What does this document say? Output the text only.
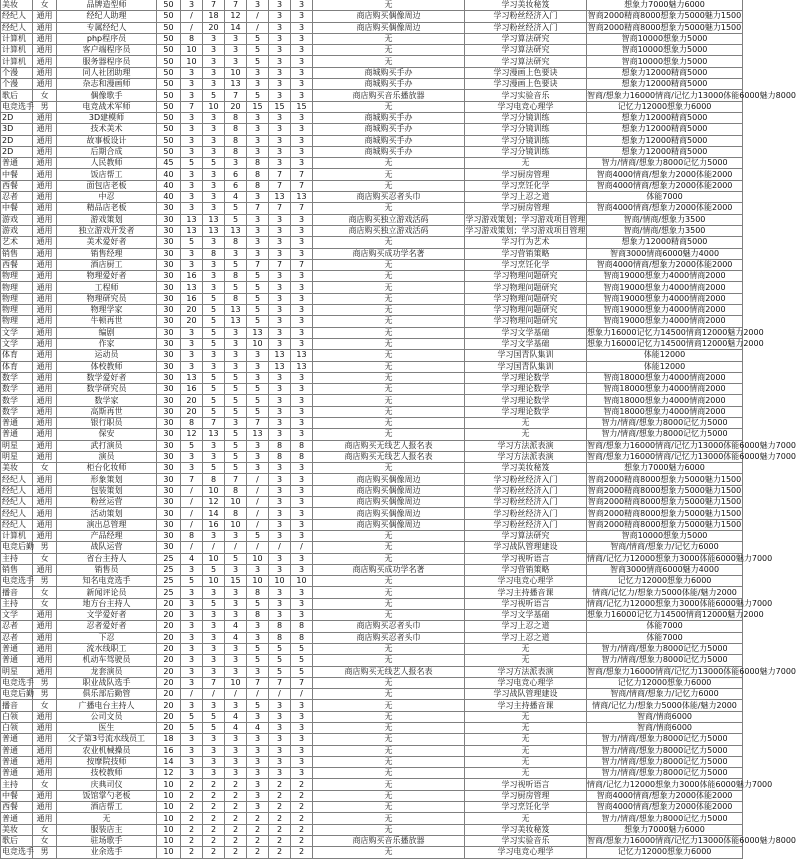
美妆	女	品牌造型师	50	3	7	7	3	3	3	无	学习美妆秘笈	想象力7000魅力6000
经纪人	通用	经纪人助理	50	/	18	12	/	3	3	商店购买偶像周边	学习粉丝经济入门	智商2000精商8000想象力5000魅力1500
经纪人	通用	专属经纪人	50	/	20	14	/	3	3	商店购买偶像周边	学习粉丝经济入门	智商2000精商8000想象力5000魅力1500
计算机	通用	php程序员	50	8	3	3	5	3	3	无	学习算法研究	智商10000想象力5000
计算机	通用	客户端程序员	50	10	3	3	5	3	3	无	学习算法研究	智商10000想象力5000
计算机	通用	服务器程序员	50	10	3	3	5	3	3	无	学习算法研究	智商10000想象力5000
个漫	通用	同人社团助理	50	3	3	10	3	3	3	商城购买手办	学习漫画上色要诀	想象力12000精商5000
个漫	通用	杂志和漫画师	50	3	3	13	3	3	3	商城购买手办	学习漫画上色要诀	想象力12000精商5000
歌后	女	偶像歌手	50	3	5	7	5	3	3	商店购买音乐播放器	学习实验音乐	智商/想象力16000情商/记忆力13000体能6000魅力8000
电竞选手	男	电竞战术军师	50	7	10	20	15	15	15	无	学习电竞心理学	记忆力12000想象力6000
2D	通用	3D建模师	50	3	3	8	3	3	3	商城购买手办	学习分镜训练	想象力12000精商5000
3D	通用	技术美术	50	3	3	8	3	3	3	商城购买手办	学习分镜训练	想象力12000精商5000
2D	通用	故事板设计	50	3	3	8	3	3	3	商城购买手办	学习分镜训练	想象力12000精商5000
2D	通用	后期合成	50	3	3	8	3	3	3	商城购买手办	学习分镜训练	想象力12000精商5000
普通	通用	人民教师	45	5	5	3	8	3	3	无	无	智力/情商/想象力8000记忆力5000
中餐	通用	饭店帮工	40	3	3	6	8	7	7	无	学习厨房管理	智商4000情商/想象力2000体能2000
西餐	通用	面包店老板	40	3	3	6	8	7	7	无	学习烹饪化学	智商4000情商/想象力2000体能2000
忍者	通用	中忍	40	3	3	4	3	13	13	商店购买忍者头巾	学习上忍之道	体能7000
中餐	通用	精品店老板	30	3	3	5	7	7	7	无	学习厨房管理	智商4000情商/想象力2000体能2000
游戏	通用	游戏策划	30	13	13	5	3	3	3	商店购买独立游戏活码	学习游戏策划；学习游戏项目管理	智商/情商/想象力3500
游戏	通用	独立游戏开发者	30	13	13	13	3	3	3	商店购买独立游戏活码	学习游戏策划；学习游戏项目管理	智商/情商/想象力3500
艺术	通用	美术爱好者	30	5	3	8	3	3	3	无	学习行为艺术	想象力12000精商5000
销售	通用	销售经理	30	3	8	3	3	3	3	商店购买成功学名著	学习营销策略	智商3000情商6000魅力4000
西餐	通用	酒店厨工	30	3	3	5	7	7	7	无	学习烹饪化学	智商4000情商/想象力2000体能2000
物理	通用	物理爱好者	30	16	3	8	5	3	3	无	学习物理问题研究	智商19000想象力4000情商2000
物理	通用	工程师	30	13	3	5	5	3	3	无	学习物理问题研究	智商19000想象力4000情商2000
物理	通用	物理研究员	30	16	5	8	5	3	3	无	学习物理问题研究	智商19000想象力4000情商2000
物理	通用	物理学家	30	20	5	13	5	3	3	无	学习物理问题研究	智商19000想象力4000情商2000
物理	通用	牛顿再世	30	20	5	13	5	3	3	无	学习物理问题研究	智商19000想象力4000情商2000
文学	通用	编剧	30	3	5	3	13	3	3	无	学习文学基础	想象力16000记忆力14500情商12000魅力2000
文学	通用	作家	30	3	5	3	10	3	3	无	学习文学基础	想象力16000记忆力14500情商12000魅力2000
体育	通用	运动员	30	3	3	3	3	13	13	无	学习国青队集训	体能12000
体育	通用	体校教师	30	3	3	3	3	13	13	无	学习国青队集训	体能12000
数学	通用	数学爱好者	30	13	5	5	3	3	3	无	学习理论数学	智商18000想象力4000情商2000
数学	通用	数学研究员	30	16	5	5	5	3	3	无	学习理论数学	智商18000想象力4000情商2000
数学	通用	数学家	30	20	5	5	5	3	3	无	学习理论数学	智商18000想象力4000情商2000
数学	通用	高斯再世	30	20	5	5	5	3	3	无	学习理论数学	智商18000想象力4000情商2000
普通	通用	银行职员	30	8	7	3	7	3	3	无	无	智力/情商/想象力8000记忆力5000
普通	通用	保安	30	12	13	5	13	3	3	无	无	智力/情商/想象力8000记忆力5000
明星	通用	武打演员	30	5	3	5	3	8	8	商店购买无线艺人报名表	学习方法派表演	智商/想象力16000情商/记忆力13000体能6000魅力7000
明星	通用	演员	30	3	3	5	3	8	8	商店购买无线艺人报名表	学习方法派表演	智商/想象力16000情商/记忆力13000体能6000魅力7000
美妆	女	柜台化妆师	30	3	5	5	3	3	3	无	学习美妆秘笈	想象力7000魅力6000
经纪人	通用	形象策划	30	7	8	7	/	3	3	商店购买偶像周边	学习粉丝经济入门	智商2000精商8000想象力5000魅力1500
经纪人	通用	包装策划	30	/	10	8	/	3	3	商店购买偶像周边	学习粉丝经济入门	智商2000精商8000想象力5000魅力1500
经纪人	通用	粉丝运营	30	/	12	10	/	3	3	商店购买偶像周边	学习粉丝经济入门	智商2000精商8000想象力5000魅力1500
经纪人	通用	活动策划	30	/	14	8	/	3	3	商店购买偶像周边	学习粉丝经济入门	智商2000精商8000想象力5000魅力1500
经纪人	通用	演出总管理	30	/	16	10	/	3	3	商店购买偶像周边	学习粉丝经济入门	智商2000精商8000想象力5000魅力1500
计算机	通用	产品经理	30	8	3	3	5	3	3	无	学习算法研究	智商10000想象力5000
电竞后勤	男	战队运营	30	/	/	/	/	/	/	无	学习战队管理建设	智商/情商/想象力/记忆力6000
主持	女	省台主持人	25	4	10	5	10	3	3	无	学习视听语言	情商/记忆力12000想象力3000体能6000魅力7000
销售	通用	销售员	25	3	5	3	3	3	3	商店购买成功学名著	学习营销策略	智商3000情商6000魅力4000
电竞选手	男	知名电竞选手	25	5	10	15	10	10	10	无	学习电竞心理学	记忆力12000想象力6000
播音	女	新闻评论员	25	3	3	3	8	3	3	无	学习主持播音课	情商/记忆力/想象力5000体能/魅力2000
主持	女	地方台主持人	20	3	5	3	5	3	3	无	学习视听语言	情商/记忆力12000想象力3000体能6000魅力7000
文学	通用	文学爱好者	20	3	3	3	8	3	3	无	学习文学基础	想象力16000记忆力14500情商12000魅力2000
忍者	通用	忍者爱好者	20	3	3	4	3	8	8	商店购买忍者头巾	学习上忍之道	体能7000
忍者	通用	下忍	20	3	3	4	3	8	8	商店购买忍者头巾	学习上忍之道	体能7000
普通	通用	流水线职工	20	3	3	3	5	5	5	无	无	智力/情商/想象力8000记忆力5000
普通	通用	机动车驾驶员	20	3	3	3	5	5	5	无	无	智力/情商/想象力8000记忆力5000
明星	通用	龙套演员	20	3	3	3	3	5	5	商店购买无线艺人报名表	学习方法派表演	智商/想象力16000情商/记忆力13000体能6000魅力7000
电竞选手	男	职业战队选手	20	3	7	10	7	7	7	无	学习电竞心理学	记忆力12000想象力6000
电竞后勤	男	俱乐部后勤管	20	/	/	/	/	/	/	无	学习战队管理建设	智商/情商/想象力/记忆力6000
播音	女	广播电台主持人	20	3	3	3	5	3	3	无	学习主持播音课	情商/记忆力/想象力5000体能/魅力2000
白领	通用	公司文员	20	5	5	4	3	3	3	无	无	智商/情商6000
白领	通用	医生	20	5	5	4	4	3	3	无	无	智商/情商6000
普通	通用	父子第3号流水线员工	18	3	3	3	3	3	3	无	无	智力/情商/想象力8000记忆力5000
普通	通用	农业机械操员	16	3	3	3	3	3	3	无	无	智力/情商/想象力8000记忆力5000
普通	通用	按摩院技师	14	3	3	3	3	3	3	无	无	智力/情商/想象力8000记忆力5000
普通	通用	技校教师	12	3	3	3	3	3	3	无	无	智力/情商/想象力8000记忆力5000
主持	女	庆典司仪	10	2	2	2	3	2	2	无	学习视听语言	情商/记忆力12000想象力3000体能6000魅力7000
中餐	通用	饭馆掌勺老板	10	2	2	2	3	2	2	无	学习厨房管理	智商4000情商/想象力2000体能2000
西餐	通用	酒店帮工	10	2	2	2	3	2	2	无	学习烹饪化学	智商4000情商/想象力2000体能2000
普通	通用	无	10	2	2	2	2	2	2	无	无	智力/情商/想象力8000记忆力5000
美妆	女	服装店主	10	2	2	2	2	2	2	无	学习美妆秘笈	想象力7000魅力6000
歌后	女	驻场歌手	10	2	2	2	2	2	2	商店购买音乐播放器	学习实验音乐	智商/想象力16000情商/记忆力13000体能6000魅力8000
电竞选手	男	业余选手	10	2	2	2	2	2	2	无	学习电竞心理学	记忆力12000想象力6000
